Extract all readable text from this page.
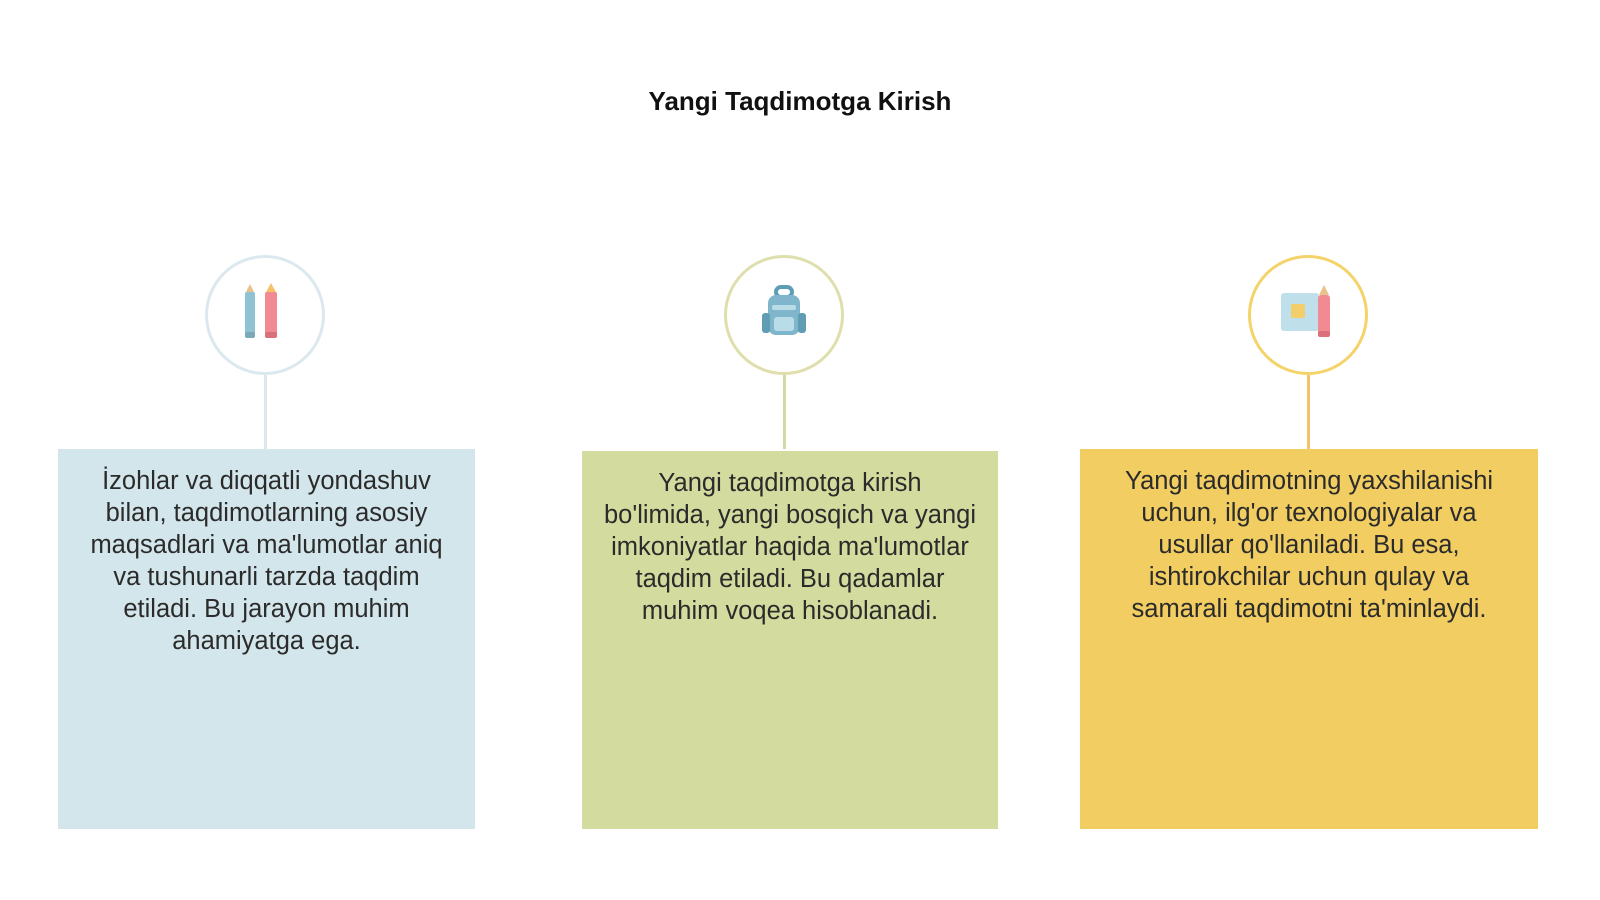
Yangi Taqdimotga Kirish
İzohlar va diqqatli yondashuv bilan, taqdimotlarning asosiy maqsadlari va ma'lumotlar aniq va tushunarli tarzda taqdim etiladi. Bu jarayon muhim ahamiyatga ega.
Yangi taqdimotga kirish bo'limida, yangi bosqich va yangi imkoniyatlar haqida ma'lumotlar taqdim etiladi. Bu qadamlar muhim voqea hisoblanadi.
Yangi taqdimotning yaxshilanishi uchun, ilg'or texnologiyalar va usullar qo'llaniladi. Bu esa, ishtirokchilar uchun qulay va samarali taqdimotni ta'minlaydi.
